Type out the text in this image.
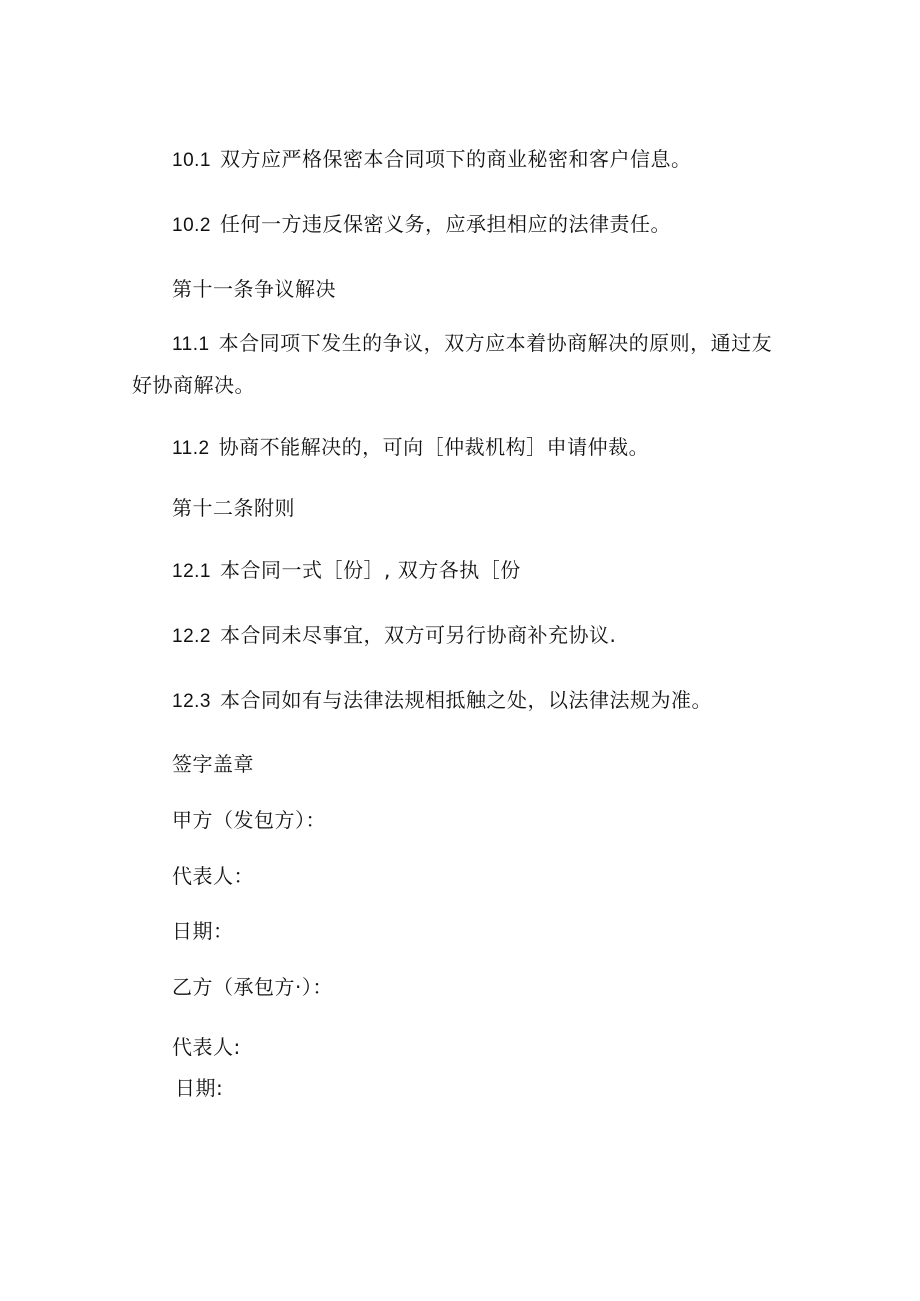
10.1 双方应严格保密本合同项下的商业秘密和客户信息。
10.2 任何一方违反保密义务，应承担相应的法律责任。
第十一条争议解决
11.1 本合同项下发生的争议，双方应本着协商解决的原则，通过友好协商解决。
11.2 协商不能解决的，可向［仲裁机构］申请仲裁。
第十二条附则
12.1 本合同一式［份］, 双方各执［份
12.2 本合同未尽事宜，双方可另行协商补充协议.
12.3 本合同如有与法律法规相抵触之处，以法律法规为准。
签字盖章
甲方（发包方）：
代表人：
日期：
乙方（承包方·）：
代表人:
日期:
